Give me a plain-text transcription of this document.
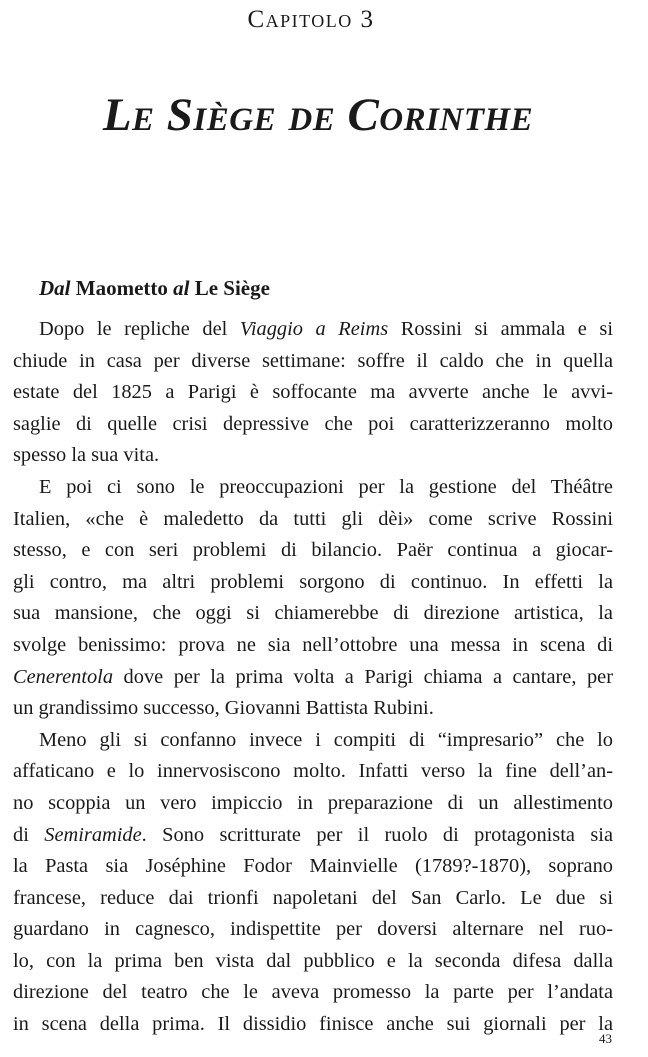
Capitolo 3
Le Siège de Corinthe
Dal Maometto al Le Siège
Dopo le repliche del Viaggio a Reims Rossini si ammala e si
chiude in casa per diverse settimane: soffre il caldo che in quella
estate del 1825 a Parigi è soffocante ma avverte anche le avvi-
saglie di quelle crisi depressive che poi caratterizzeranno molto
spesso la sua vita.
E poi ci sono le preoccupazioni per la gestione del Théâtre
Italien, «che è maledetto da tutti gli dèi» come scrive Rossini
stesso, e con seri problemi di bilancio. Paër continua a giocar-
gli contro, ma altri problemi sorgono di continuo. In effetti la
sua mansione, che oggi si chiamerebbe di direzione artistica, la
svolge benissimo: prova ne sia nell’ottobre una messa in scena di
Cenerentola dove per la prima volta a Parigi chiama a cantare, per
un grandissimo successo, Giovanni Battista Rubini.
Meno gli si confanno invece i compiti di “impresario” che lo
affaticano e lo innervosiscono molto. Infatti verso la fine dell’an-
no scoppia un vero impiccio in preparazione di un allestimento
di Semiramide. Sono scritturate per il ruolo di protagonista sia
la Pasta sia Joséphine Fodor Mainvielle (1789?-1870), soprano
francese, reduce dai trionfi napoletani del San Carlo. Le due si
guardano in cagnesco, indispettite per doversi alternare nel ruo-
lo, con la prima ben vista dal pubblico e la seconda difesa dalla
direzione del teatro che le aveva promesso la parte per l’andata
in scena della prima. Il dissidio finisce anche sui giornali per la
43
